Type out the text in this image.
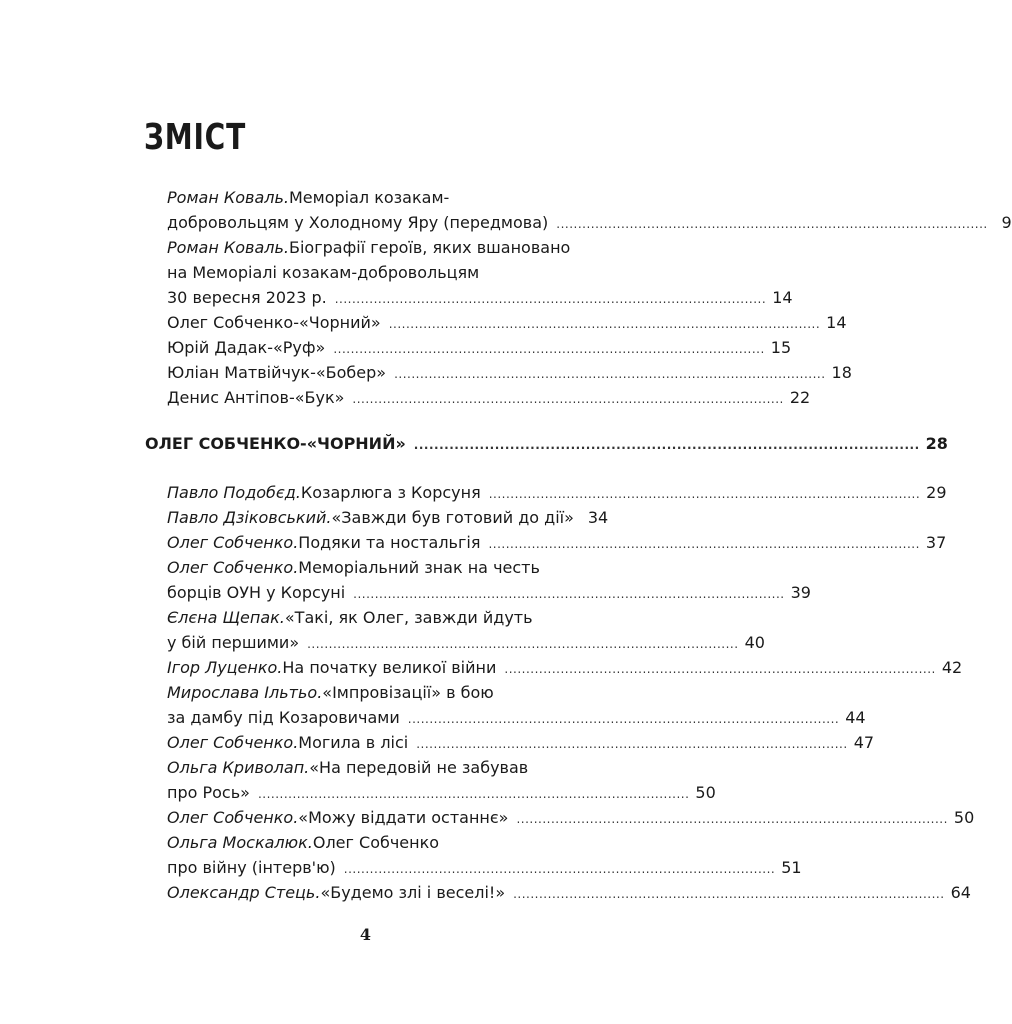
ЗМІСТ
Роман Коваль. Меморіал козакам-
добровольцям у Холодному Яру (передмова) .................................................................................................... 9
Роман Коваль. Біографії героїв, яких вшановано
на Меморіалі козакам-добровольцям
30 вересня 2023 р. .................................................................................................... 14
Олег Собченко-«Чорний» .................................................................................................... 14
Юрій Дадак-«Руф» .................................................................................................... 15
Юліан Матвійчук-«Бобер» .................................................................................................... 18
Денис Антіпов-«Бук» .................................................................................................... 22
ОЛЕГ СОБЧЕНКО-«ЧОРНИЙ» .................................................................................................... 28
Павло Подобєд. Козарлюга з Корсуня .................................................................................................... 29
Павло Дзіковський. «Завжди був готовий до дії» 34
Олег Собченко. Подяки та ностальгія .................................................................................................... 37
Олег Собченко. Меморіальний знак на честь
борців ОУН у Корсуні .................................................................................................... 39
Єлєна Щепак. «Такі, як Олег, завжди йдуть
у бій першими» .................................................................................................... 40
Ігор Луценко. На початку великої війни .................................................................................................... 42
Мирослава Ільтьо. «Імпровізації» в бою
за дамбу під Козаровичами .................................................................................................... 44
Олег Собченко. Могила в лісі .................................................................................................... 47
Ольга Криволап. «На передовій не забував
про Рось» .................................................................................................... 50
Олег Собченко. «Можу віддати останнє» .................................................................................................... 50
Ольга Москалюк. Олег Собченко
про війну (інтерв'ю) .................................................................................................... 51
Олександр Стець. «Будемо злі і веселі!» .................................................................................................... 64
4
